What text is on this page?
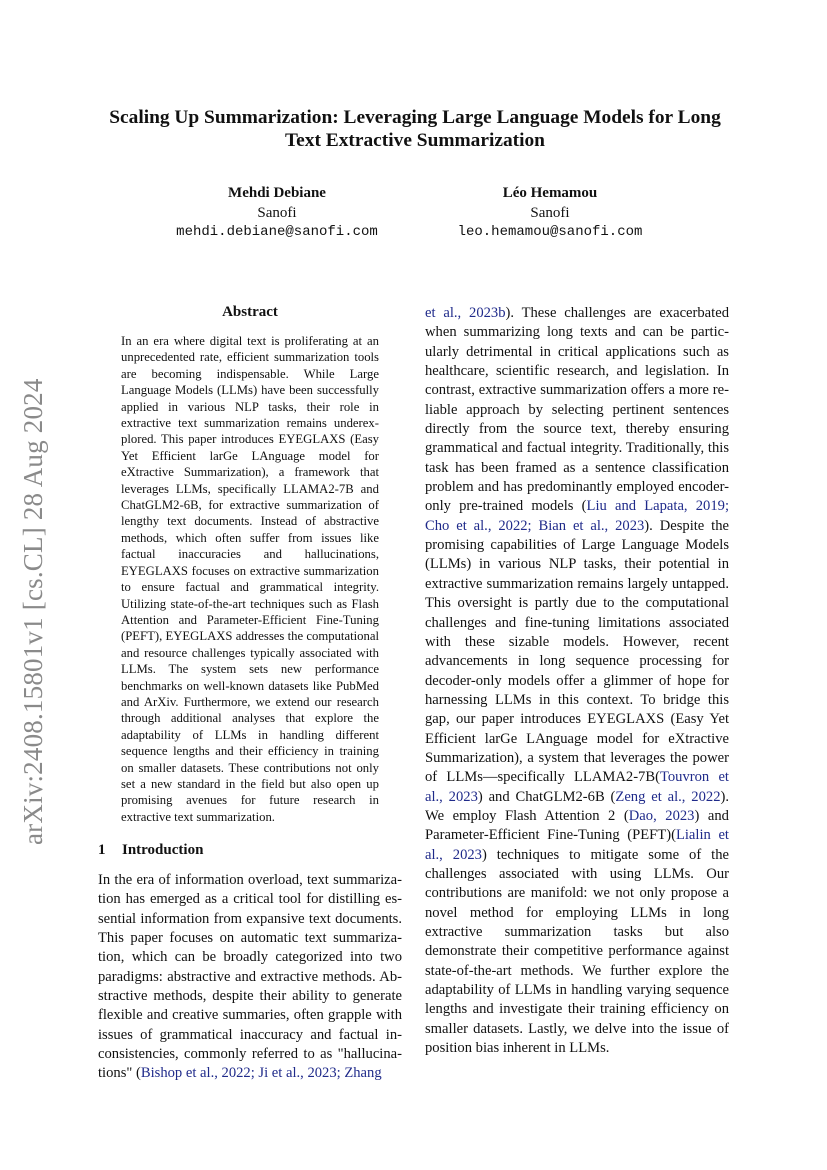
arXiv:2408.15801v1 [cs.CL] 28 Aug 2024
Scaling Up Summarization: Leveraging Large Language Models for Long Text Extractive Summarization
Mehdi Debiane
Sanofi
mehdi.debiane@sanofi.com
Léo Hemamou
Sanofi
leo.hemamou@sanofi.com
Abstract

In an era where digital text is proliferating at an unprecedented rate, efficient summarization tools are becoming indispensable. While Large Language Models (LLMs) have been successfully applied in various NLP tasks, their role in extractive text summarization remains underexplored. This paper introduces EYEGLAXS (Easy Yet Efficient larGe LAnguage model for eXtractive Summarization), a framework that leverages LLMs, specifically LLAMA2-7B and ChatGLM2-6B, for extractive summarization of lengthy text documents. Instead of abstractive methods, which often suffer from issues like factual inaccuracies and hallucinations, EYEGLAXS focuses on extractive summarization to ensure factual and grammatical integrity. Utilizing state-of-the-art techniques such as Flash Attention and Parameter-Efficient Fine-Tuning (PEFT), EYEGLAXS addresses the computational and resource challenges typically associated with LLMs. The system sets new performance benchmarks on well-known datasets like PubMed and ArXiv. Furthermore, we extend our research through additional analyses that explore the adaptability of LLMs in handling different sequence lengths and their efficiency in training on smaller datasets. These contributions not only set a new standard in the field but also open up promising avenues for future research in extractive text summarization.

1 Introduction

In the era of information overload, text summarization has emerged as a critical tool for distilling essential information from expansive text documents. This paper focuses on automatic text summarization, which can be broadly categorized into two paradigms: abstractive and extractive methods. Abstractive methods, despite their ability to generate flexible and creative summaries, often grapple with issues of grammatical inaccuracy and factual inconsistencies, commonly referred to as "hallucinations" (Bishop et al., 2022; Ji et al., 2023; Zhang

et al., 2023b). These challenges are exacerbated when summarizing long texts and can be particularly detrimental in critical applications such as healthcare, scientific research, and legislation. In contrast, extractive summarization offers a more reliable approach by selecting pertinent sentences directly from the source text, thereby ensuring grammatical and factual integrity. Traditionally, this task has been framed as a sentence classification problem and has predominantly employed encoder-only pre-trained models (Liu and Lapata, 2019; Cho et al., 2022; Bian et al., 2023). Despite the promising capabilities of Large Language Models (LLMs) in various NLP tasks, their potential in extractive summarization remains largely untapped. This oversight is partly due to the computational challenges and fine-tuning limitations associated with these sizable models. However, recent advancements in long sequence processing for decoder-only models offer a glimmer of hope for harnessing LLMs in this context. To bridge this gap, our paper introduces EYEGLAXS (Easy Yet Efficient larGe LAnguage model for eXtractive Summarization), a system that leverages the power of LLMs—specifically LLAMA2-7B(Touvron et al., 2023) and ChatGLM2-6B (Zeng et al., 2022). We employ Flash Attention 2 (Dao, 2023) and Parameter-Efficient Fine-Tuning (PEFT)(Lialin et al., 2023) techniques to mitigate some of the challenges associated with using LLMs. Our contributions are manifold: we not only propose a novel method for employing LLMs in long extractive summarization tasks but also demonstrate their competitive performance against state-of-the-art methods. We further explore the adaptability of LLMs in handling varying sequence lengths and investigate their training efficiency on smaller datasets. Lastly, we delve into the issue of position bias inherent in LLMs.
